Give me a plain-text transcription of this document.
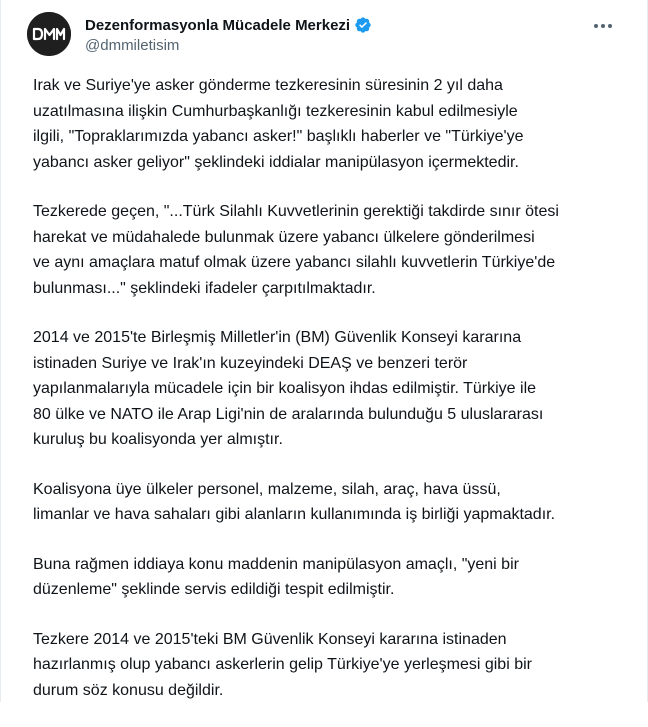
Dezenformasyonla Mücadele Merkezi
@dmmiletisim

Irak ve Suriye'ye asker gönderme tezkeresinin süresinin 2 yıl daha
uzatılmasına ilişkin Cumhurbaşkanlığı tezkeresinin kabul edilmesiyle
ilgili, "Topraklarımızda yabancı asker!" başlıklı haberler ve "Türkiye'ye
yabancı asker geliyor" şeklindeki iddialar manipülasyon içermektedir.

Tezkerede geçen, "...Türk Silahlı Kuvvetlerinin gerektiği takdirde sınır ötesi
harekat ve müdahalede bulunmak üzere yabancı ülkelere gönderilmesi
ve aynı amaçlara matuf olmak üzere yabancı silahlı kuvvetlerin Türkiye'de
bulunması..." şeklindeki ifadeler çarpıtılmaktadır.

2014 ve 2015'te Birleşmiş Milletler'in (BM) Güvenlik Konseyi kararına
istinaden Suriye ve Irak'ın kuzeyindeki DEAŞ ve benzeri terör
yapılanmalarıyla mücadele için bir koalisyon ihdas edilmiştir. Türkiye ile
80 ülke ve NATO ile Arap Ligi'nin de aralarında bulunduğu 5 uluslararası
kuruluş bu koalisyonda yer almıştır.

Koalisyona üye ülkeler personel, malzeme, silah, araç, hava üssü,
limanlar ve hava sahaları gibi alanların kullanımında iş birliği yapmaktadır.

Buna rağmen iddiaya konu maddenin manipülasyon amaçlı, "yeni bir
düzenleme" şeklinde servis edildiği tespit edilmiştir.

Tezkere 2014 ve 2015'teki BM Güvenlik Konseyi kararına istinaden
hazırlanmış olup yabancı askerlerin gelip Türkiye'ye yerleşmesi gibi bir
durum söz konusu değildir.
